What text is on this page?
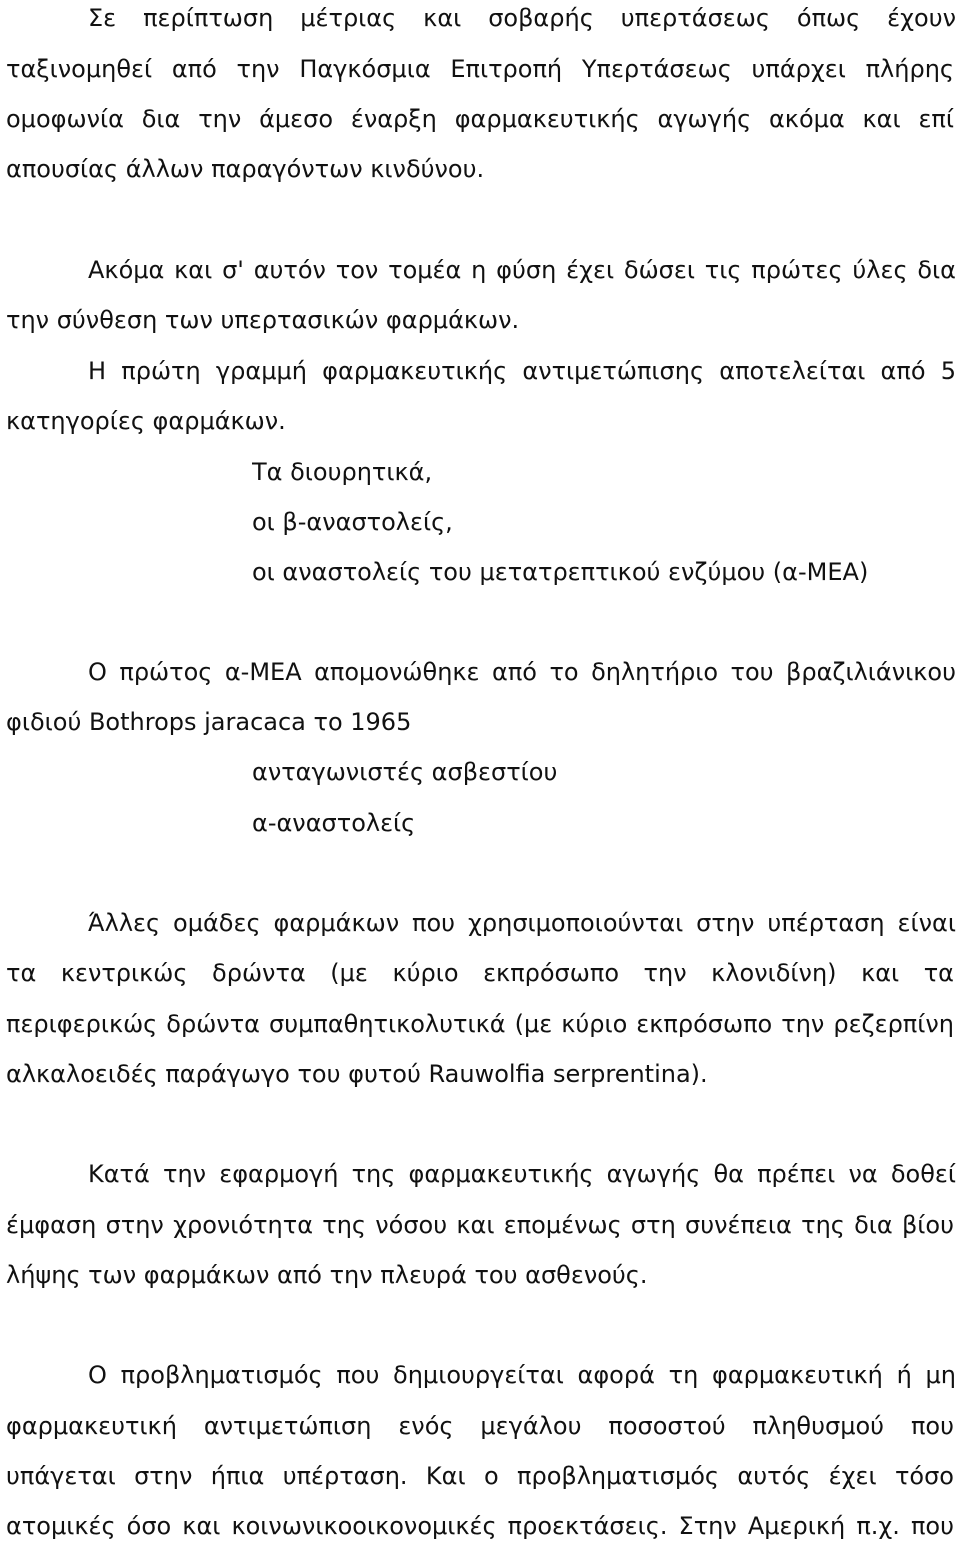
Σε περίπτωση μέτριας και σοβαρής υπερτάσεως όπως έχουν
ταξινομηθεί από την Παγκόσμια Επιτροπή Υπερτάσεως υπάρχει πλήρης
ομοφωνία δια την άμεσο έναρξη φαρμακευτικής αγωγής ακόμα και επί
απουσίας άλλων παραγόντων κινδύνου.
Ακόμα και σ' αυτόν τον τομέα η φύση έχει δώσει τις πρώτες ύλες δια
την σύνθεση των υπερτασικών φαρμάκων.
Η πρώτη γραμμή φαρμακευτικής αντιμετώπισης αποτελείται από 5
κατηγορίες φαρμάκων.
Τα διουρητικά,
οι β-αναστολείς,
οι αναστολείς του μετατρεπτικού ενζύμου (α-ΜΕΑ)
Ο πρώτος α-ΜΕΑ απομονώθηκε από το δηλητήριο του βραζιλιάνικου
φιδιού Bothrops jaracaca το 1965
ανταγωνιστές ασβεστίου
α-αναστολείς
Άλλες ομάδες φαρμάκων που χρησιμοποιούνται στην υπέρταση είναι
τα κεντρικώς δρώντα (με κύριο εκπρόσωπο την κλονιδίνη) και τα
περιφερικώς δρώντα συμπαθητικολυτικά (με κύριο εκπρόσωπο την ρεζερπίνη
αλκαλοειδές παράγωγο του φυτού Rauwolfia serprentina).
Κατά την εφαρμογή της φαρμακευτικής αγωγής θα πρέπει να δοθεί
έμφαση στην χρονιότητα της νόσου και επομένως στη συνέπεια της δια βίου
λήψης των φαρμάκων από την πλευρά του ασθενούς.
Ο προβληματισμός που δημιουργείται αφορά τη φαρμακευτική ή μη
φαρμακευτική αντιμετώπιση ενός μεγάλου ποσοστού πληθυσμού που
υπάγεται στην ήπια υπέρταση. Και ο προβληματισμός αυτός έχει τόσο
ατομικές όσο και κοινωνικοοικονομικές προεκτάσεις. Στην Αμερική π.χ. που
